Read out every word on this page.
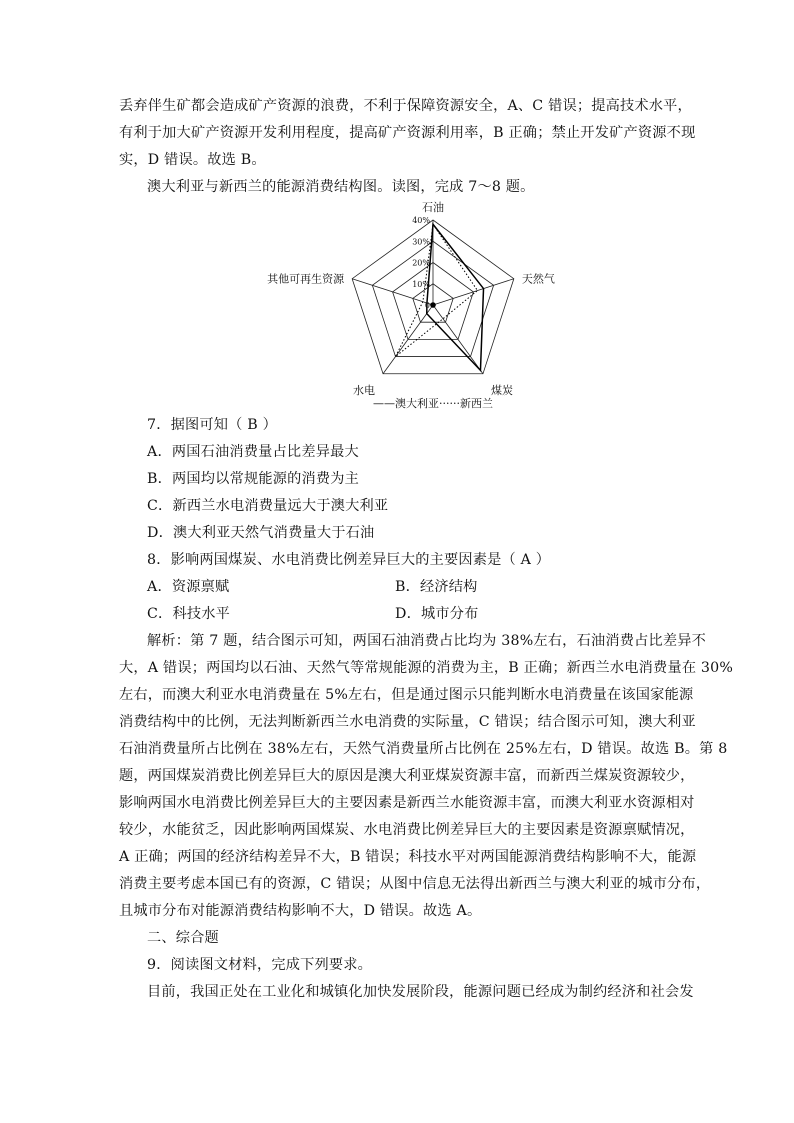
丢弃伴生矿都会造成矿产资源的浪费，不利于保障资源安全，A、C 错误；提高技术水平，
有利于加大矿产资源开发利用程度，提高矿产资源利用率，B 正确；禁止开发矿产资源不现
实，D 错误。故选 B。
澳大利亚与新西兰的能源消费结构图。读图，完成 7～8 题。
0
10%
20%
30%
40%
石油
天然气
煤炭
水电
其他可再生资源
——澳大利亚······新西兰
7．据图可知（ B ）
A．两国石油消费量占比差异最大
B．两国均以常规能源的消费为主
C．新西兰水电消费量远大于澳大利亚
D．澳大利亚天然气消费量大于石油
8．影响两国煤炭、水电消费比例差异巨大的主要因素是（ A ）
A．资源禀赋	B．经济结构
C．科技水平	D．城市分布
解析：第 7 题，结合图示可知，两国石油消费占比均为 38%左右，石油消费占比差异不
大，A 错误；两国均以石油、天然气等常规能源的消费为主，B 正确；新西兰水电消费量在 30%
左右，而澳大利亚水电消费量在 5%左右，但是通过图示只能判断水电消费量在该国家能源
消费结构中的比例，无法判断新西兰水电消费的实际量，C 错误；结合图示可知，澳大利亚
石油消费量所占比例在 38%左右，天然气消费量所占比例在 25%左右，D 错误。故选 B。第 8
题，两国煤炭消费比例差异巨大的原因是澳大利亚煤炭资源丰富，而新西兰煤炭资源较少，
影响两国水电消费比例差异巨大的主要因素是新西兰水能资源丰富，而澳大利亚水资源相对
较少，水能贫乏，因此影响两国煤炭、水电消费比例差异巨大的主要因素是资源禀赋情况，
A 正确；两国的经济结构差异不大，B 错误；科技水平对两国能源消费结构影响不大，能源
消费主要考虑本国已有的资源，C 错误；从图中信息无法得出新西兰与澳大利亚的城市分布，
且城市分布对能源消费结构影响不大，D 错误。故选 A。
二、综合题
9．阅读图文材料，完成下列要求。
目前，我国正处在工业化和城镇化加快发展阶段，能源问题已经成为制约经济和社会发
